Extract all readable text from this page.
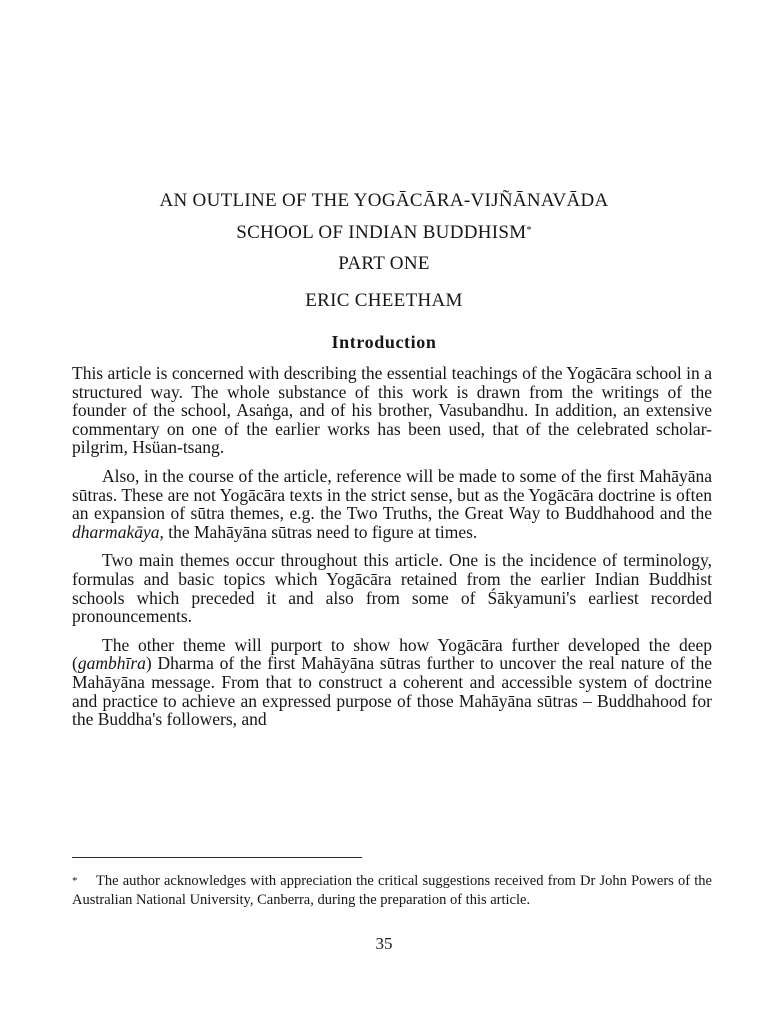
AN OUTLINE OF THE YOGĀCĀRA-VIJÑĀNAVĀDA
SCHOOL OF INDIAN BUDDHISM*
PART ONE
ERIC CHEETHAM
Introduction

This article is concerned with describing the essential teachings of the Yogācāra school in a structured way. The whole substance of this work is drawn from the writings of the founder of the school, Asaṅga, and of his brother, Vasubandhu. In addition, an extensive commentary on one of the earlier works has been used, that of the celebrated scholar-pilgrim, Hsüan-tsang.

Also, in the course of the article, reference will be made to some of the first Mahāyāna sūtras. These are not Yogācāra texts in the strict sense, but as the Yogācāra doctrine is often an expansion of sūtra themes, e.g. the Two Truths, the Great Way to Buddhahood and the dharmakāya, the Mahāyāna sūtras need to figure at times.

Two main themes occur throughout this article. One is the incidence of terminology, formulas and basic topics which Yogācāra retained from the earlier Indian Buddhist schools which preceded it and also from some of Śākyamuni's earliest recorded pronouncements.

The other theme will purport to show how Yogācāra further developed the deep (gambhīra) Dharma of the first Mahāyāna sūtras further to uncover the real nature of the Mahāyāna message. From that to construct a coherent and accessible system of doctrine and practice to achieve an expressed purpose of those Mahāyāna sūtras – Buddhahood for the Buddha's followers, and

* The author acknowledges with appreciation the critical suggestions received from Dr John Powers of the Australian National University, Canberra, during the preparation of this article.
35
